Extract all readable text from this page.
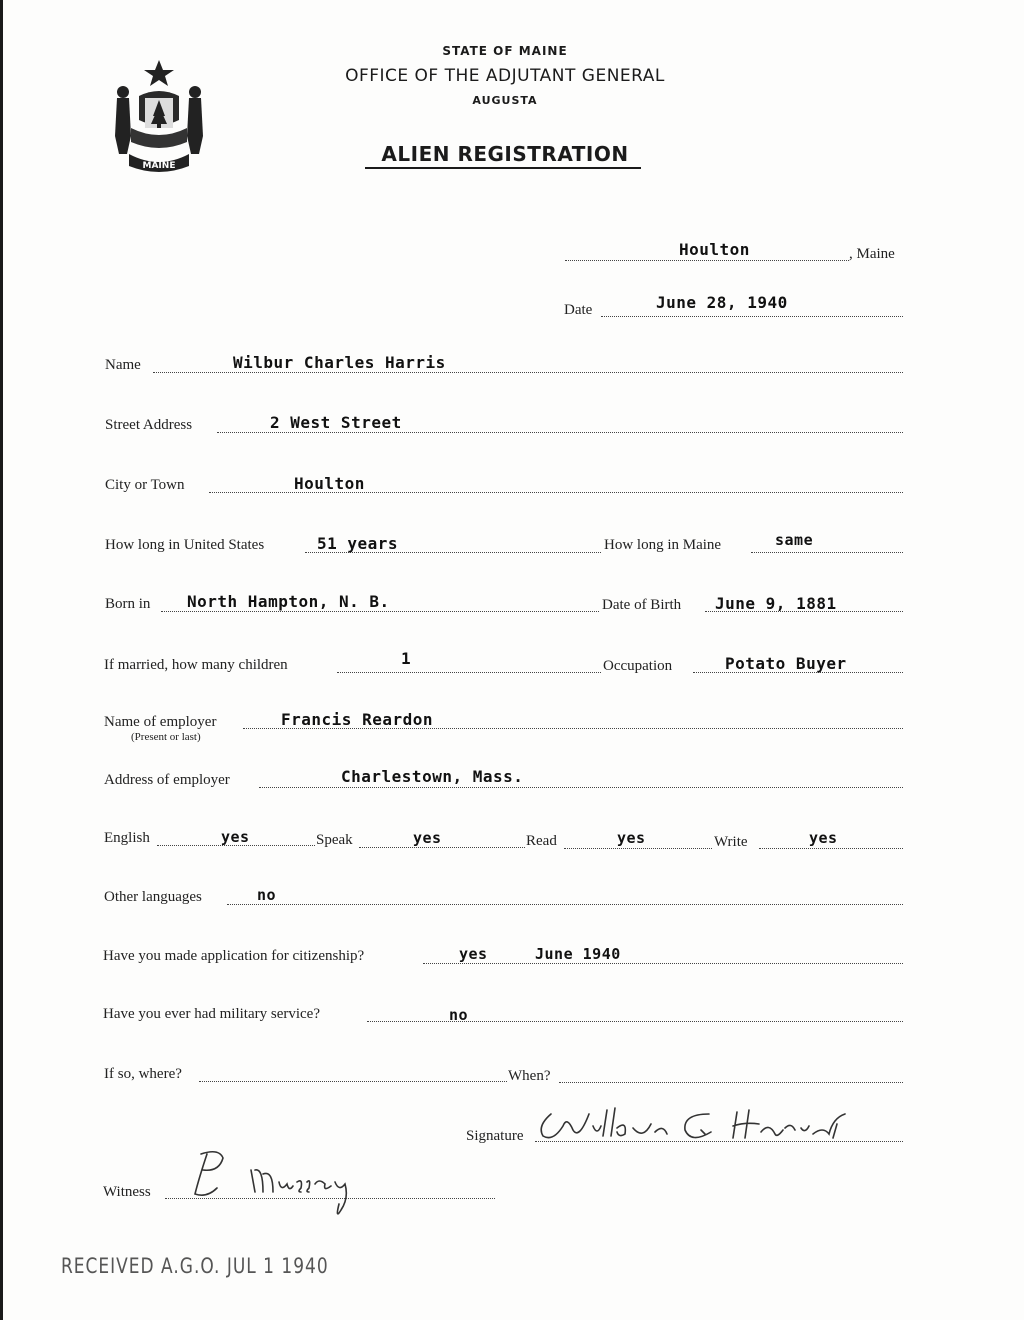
MAINE
STATE OF MAINE
OFFICE OF THE ADJUTANT GENERAL
AUGUSTA
ALIEN REGISTRATION
Houlton	, Maine
Date	June 28, 1940
Name	Wilbur Charles Harris
Street Address	2 West Street
City or Town	Houlton
How long in United States	51 years	How long in Maine	same
Born in North Hampton, N. B.	Date of Birth June 9, 1881
If married, how many children	1	Occupation	Potato Buyer
Name of employer
(Present or last)
Francis Reardon
Address of employer	Charlestown, Mass.
English	yes	Speak	yes	Read	yes	Write	yes
Other languages	no
Have you made application for citizenship?	yes	June 1940
Have you ever had military service?	no
If so, where?	When?
Signature
Witness
RECEIVED A.G.O. JUL 1 1940
